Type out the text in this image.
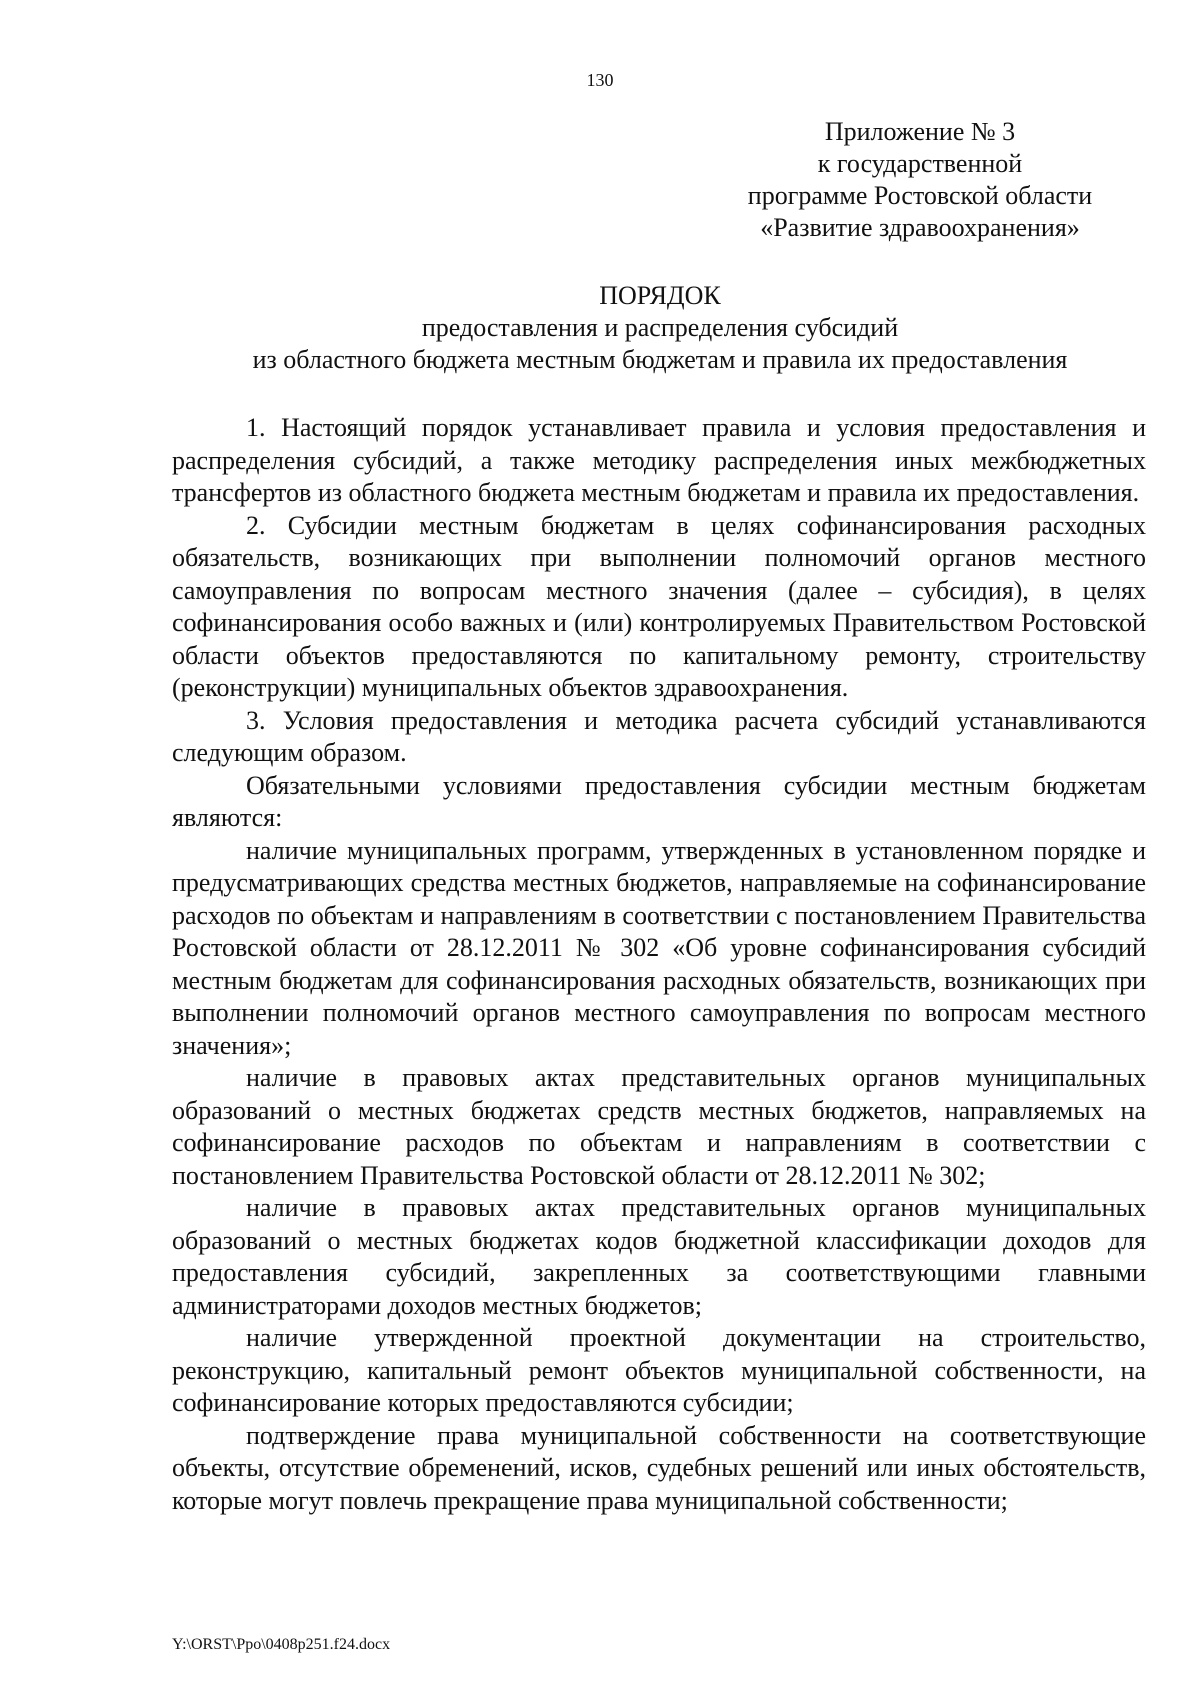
130
Приложение № 3
к государственной
программе Ростовской области
«Развитие здравоохранения»
ПОРЯДОК
предоставления и распределения субсидий
из областного бюджета местным бюджетам и правила их предоставления

1. Настоящий порядок устанавливает правила и условия предоставления и распределения субсидий, а также методику распределения иных межбюджетных трансфертов из областного бюджета местным бюджетам и правила их предоставления.

2. Субсидии местным бюджетам в целях софинансирования расходных обязательств, возникающих при выполнении полномочий органов местного самоуправления по вопросам местного значения (далее – субсидия), в целях софинансирования особо важных и (или) контролируемых Правительством Ростовской области объектов предоставляются по капитальному ремонту, строительству (реконструкции) муниципальных объектов здравоохранения.

3. Условия предоставления и методика расчета субсидий устанавливаются следующим образом.

Обязательными условиями предоставления субсидии местным бюджетам являются:

наличие муниципальных программ, утвержденных в установленном порядке и предусматривающих средства местных бюджетов, направляемые на софинансирование расходов по объектам и направлениям в соответствии с постановлением Правительства Ростовской области от 28.12.2011 № 302 «Об уровне софинансирования субсидий местным бюджетам для софинансирования расходных обязательств, возникающих при выполнении полномочий органов местного самоуправления по вопросам местного значения»;

наличие в правовых актах представительных органов муниципальных образований о местных бюджетах средств местных бюджетов, направляемых на софинансирование расходов по объектам и направлениям в соответствии с постановлением Правительства Ростовской области от 28.12.2011 № 302;

наличие в правовых актах представительных органов муниципальных образований о местных бюджетах кодов бюджетной классификации доходов для предоставления субсидий, закрепленных за соответствующими главными администраторами доходов местных бюджетов;

наличие утвержденной проектной документации на строительство, реконструкцию, капитальный ремонт объектов муниципальной собственности, на софинансирование которых предоставляются субсидии;

подтверждение права муниципальной собственности на соответствующие объекты, отсутствие обременений, исков, судебных решений или иных обстоятельств, которые могут повлечь прекращение права муниципальной собственности;

Y:\ORST\Ppo\0408p251.f24.docx
